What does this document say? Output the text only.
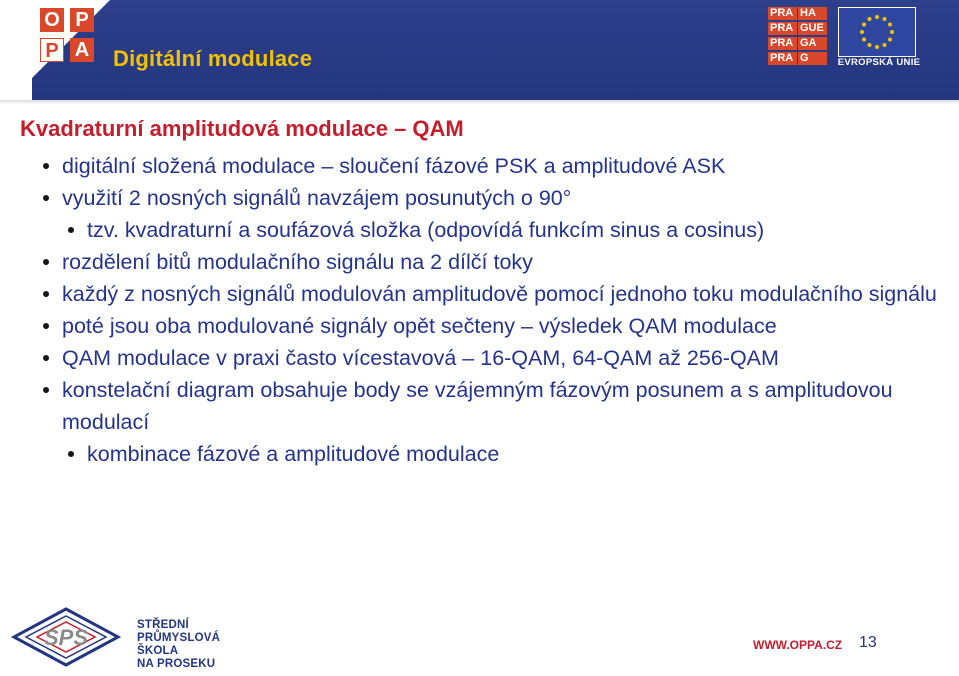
O P
P A Digitální modulace
PRA HA
PRA GUE
PRA GA
PRA G	EVROPSKÁ UNIE
Kvadraturní amplitudová modulace – QAM
digitální složená modulace – sloučení fázové PSK a amplitudové ASK
využití 2 nosných signálů navzájem posunutých o 90°
tzv. kvadraturní a soufázová složka (odpovídá funkcím sinus a cosinus)
rozdělení bitů modulačního signálu na 2 dílčí toky
každý z nosných signálů modulován amplitudově pomocí jednoho toku modulačního signálu
poté jsou oba modulované signály opět sečteny – výsledek QAM modulace
QAM modulace v praxi často vícestavová – 16-QAM, 64-QAM až 256-QAM
konstelační diagram obsahuje body se vzájemným fázovým posunem a s amplitudovou modulací
kombinace fázové a amplitudové modulace
SPS	STŘEDNÍ
PRŮMYSLOVÁ
ŠKOLA
NA PROSEKU
WWW.OPPA.CZ 13
